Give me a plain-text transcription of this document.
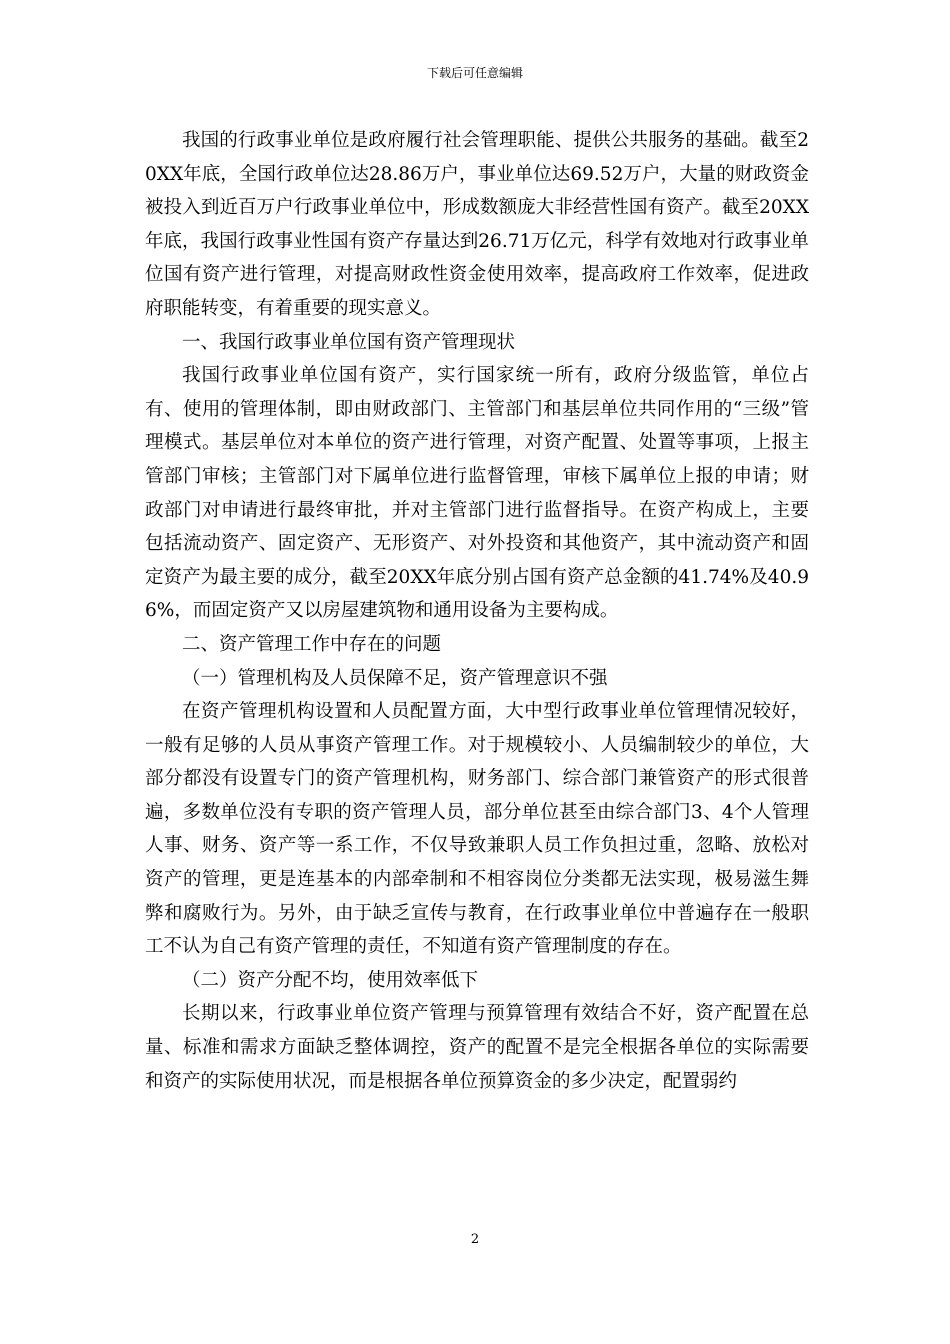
下载后可任意编辑

我国的行政事业单位是政府履行社会管理职能、提供公共服务的基础。截至20XX年底，全国行政单位达28.86万户，事业单位达69.52万户，大量的财政资金被投入到近百万户行政事业单位中，形成数额庞大非经营性国有资产。截至20XX年底，我国行政事业性国有资产存量达到26.71万亿元，科学有效地对行政事业单位国有资产进行管理，对提高财政性资金使用效率，提高政府工作效率，促进政府职能转变，有着重要的现实意义。

一、我国行政事业单位国有资产管理现状

我国行政事业单位国有资产，实行国家统一所有，政府分级监管，单位占有、使用的管理体制，即由财政部门、主管部门和基层单位共同作用的“三级”管理模式。基层单位对本单位的资产进行管理，对资产配置、处置等事项，上报主管部门审核；主管部门对下属单位进行监督管理，审核下属单位上报的申请；财政部门对申请进行最终审批，并对主管部门进行监督指导。在资产构成上，主要包括流动资产、固定资产、无形资产、对外投资和其他资产，其中流动资产和固定资产为最主要的成分，截至20XX年底分别占国有资产总金额的41.74%及40.96%，而固定资产又以房屋建筑物和通用设备为主要构成。

二、资产管理工作中存在的问题

（一）管理机构及人员保障不足，资产管理意识不强

在资产管理机构设置和人员配置方面，大中型行政事业单位管理情况较好，一般有足够的人员从事资产管理工作。对于规模较小、人员编制较少的单位，大部分都没有设置专门的资产管理机构，财务部门、综合部门兼管资产的形式很普遍，多数单位没有专职的资产管理人员，部分单位甚至由综合部门3、4个人管理人事、财务、资产等一系工作，不仅导致兼职人员工作负担过重，忽略、放松对资产的管理，更是连基本的内部牵制和不相容岗位分类都无法实现，极易滋生舞弊和腐败行为。另外，由于缺乏宣传与教育，在行政事业单位中普遍存在一般职工不认为自己有资产管理的责任，不知道有资产管理制度的存在。

（二）资产分配不均，使用效率低下

长期以来，行政事业单位资产管理与预算管理有效结合不好，资产配置在总量、标准和需求方面缺乏整体调控，资产的配置不是完全根据各单位的实际需要和资产的实际使用状况，而是根据各单位预算资金的多少决定，配置弱约

2
